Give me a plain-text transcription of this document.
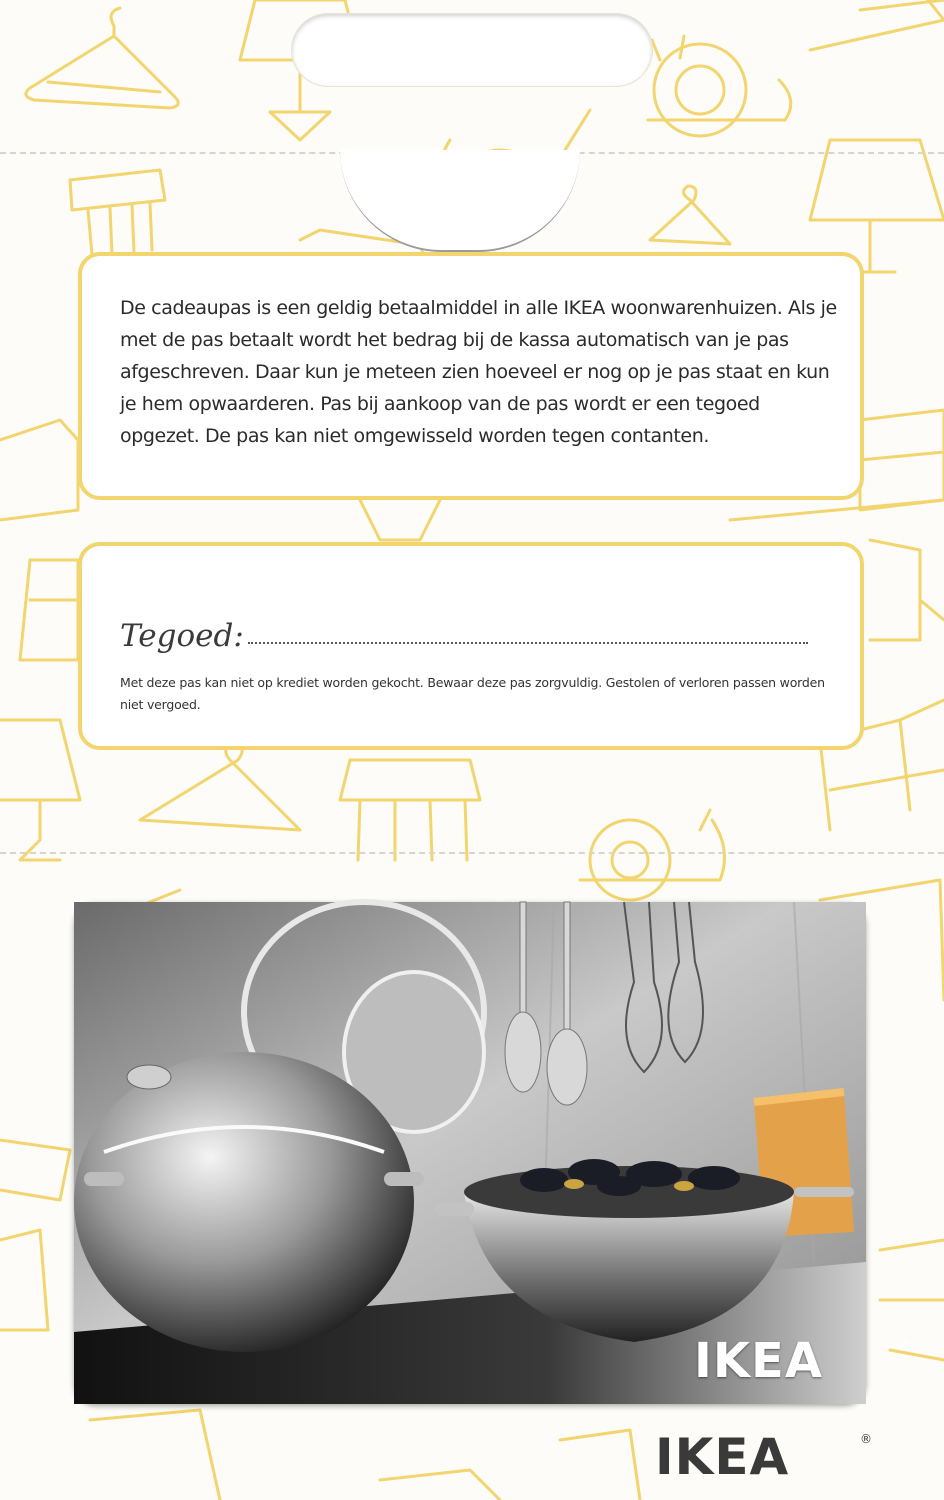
De cadeaupas is een geldig betaalmiddel in alle IKEA woonwarenhuizen. Als je met de pas betaalt wordt het bedrag bij de kassa automatisch van je pas afgeschreven. Daar kun je meteen zien hoeveel er nog op je pas staat en kun je hem opwaarderen. Pas bij aankoop van de pas wordt er een tegoed opgezet. De pas kan niet omgewisseld worden tegen contanten.

Tegoed:

Met deze pas kan niet op krediet worden gekocht. Bewaar deze pas zorgvuldig. Gestolen of verloren passen worden niet vergoed.

IKEA	®
IKEA	®
